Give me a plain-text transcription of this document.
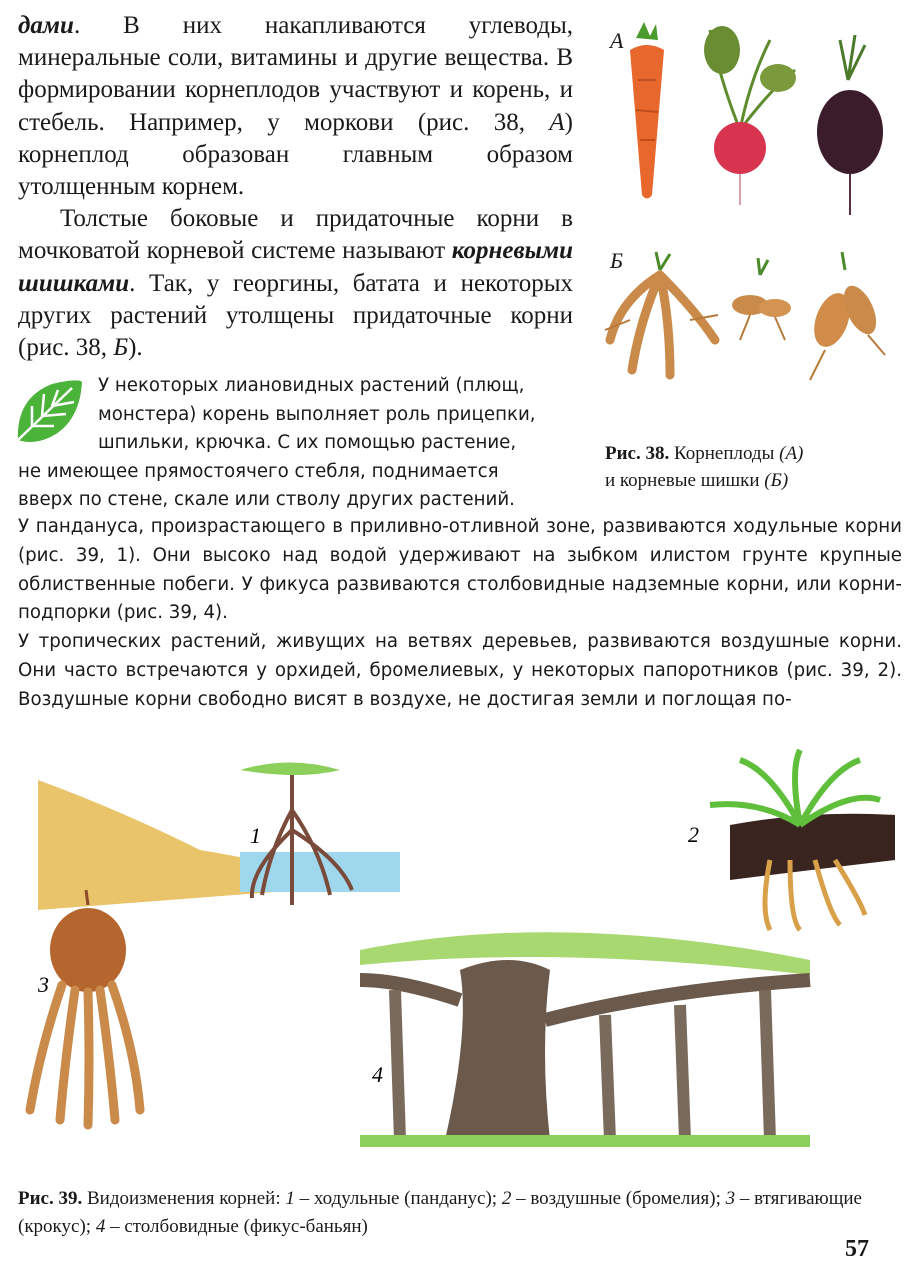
дами. В них накапливаются углеводы, минеральные соли, витамины и другие вещества. В формировании корнеплодов участвуют и корень, и стебель. Например, у моркови (рис. 38, А) корнеплод образован главным образом утолщенным корнем.

Толстые боковые и придаточные корни в мочковатой корневой системе называют корневыми шишками. Так, у георгины, батата и некоторых других растений утолщены придаточные корни (рис. 38, Б).

А
Б
Рис. 38. Корнеплоды (А)
и корневые шишки (Б)
У некоторых лиановидных растений (плющ,
монстера) корень выполняет роль прицепки,
шпильки, крючка. С их помощью растение,
не имеющее прямостоячего стебля, поднимается
вверх по стене, скале или стволу других растений.

У панданyса, произрастающего в приливно-отливной зоне, развиваются ходульные корни (рис. 39, 1). Они высоко над водой удерживают на зыбком илистом грунте крупные облиственные побеги. У фикуса развиваются столбовидные надземные корни, или корни-подпорки (рис. 39, 4).

У тропических растений, живущих на ветвях деревьев, развиваются воздушные корни. Они часто встречаются у орхидей, бромелиевых, у некоторых папоротников (рис. 39, 2). Воздушные корни свободно висят в воздухе, не достигая земли и поглощая по-

1	2
3
4
Рис. 39. Видоизменения корней: 1 – ходульные (панданус); 2 – воздушные (бромелия); 3 – втягивающие (крокус); 4 – столбовидные (фикус-баньян)
57
